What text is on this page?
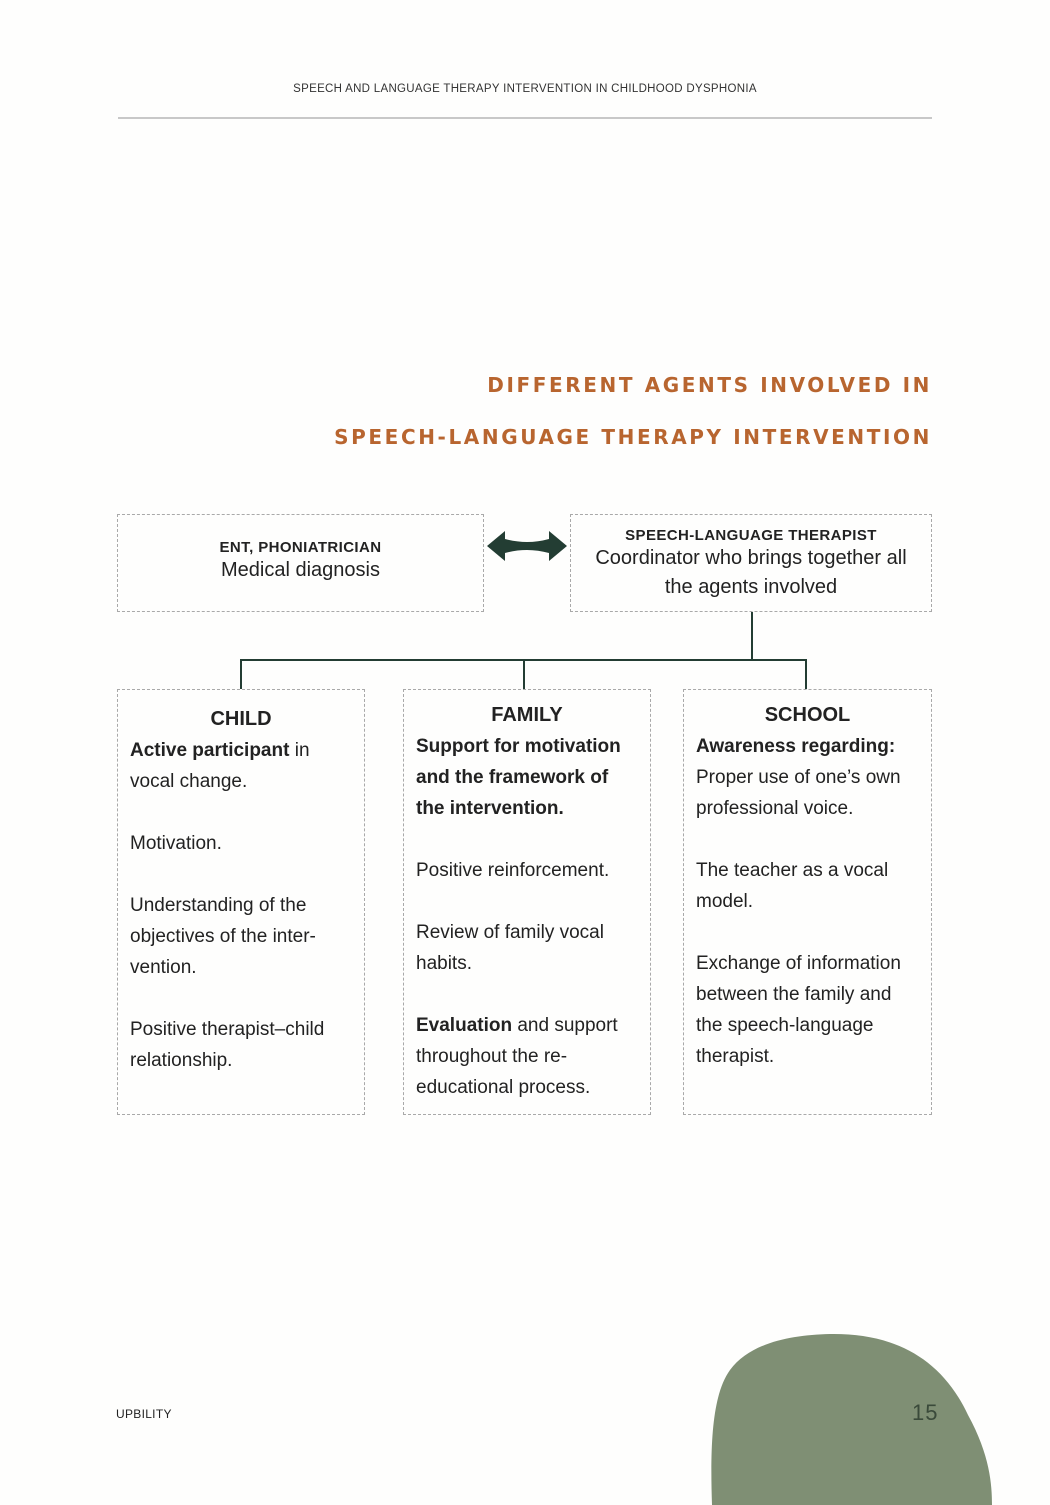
SPEECH AND LANGUAGE THERAPY INTERVENTION IN CHILDHOOD DYSPHONIA
DIFFERENT AGENTS INVOLVED IN
SPEECH-LANGUAGE THERAPY INTERVENTION
ENT, PHONIATRICIAN
Medical diagnosis
SPEECH-LANGUAGE THERAPIST
Coordinator who brings together all the agents involved
CHILD

Active participant in vocal change.

Motivation.

Understanding of the objectives of the inter-vention.

Positive therapist–child relationship.

FAMILY

Support for motivation and the framework of the intervention.

Positive reinforcement.

Review of family vocal habits.

Evaluation and support throughout the re-educational process.

SCHOOL

Awareness regarding: Proper use of one’s own professional voice.

The teacher as a vocal model.

Exchange of information between the family and the speech-language therapist.

UPBILITY	15
